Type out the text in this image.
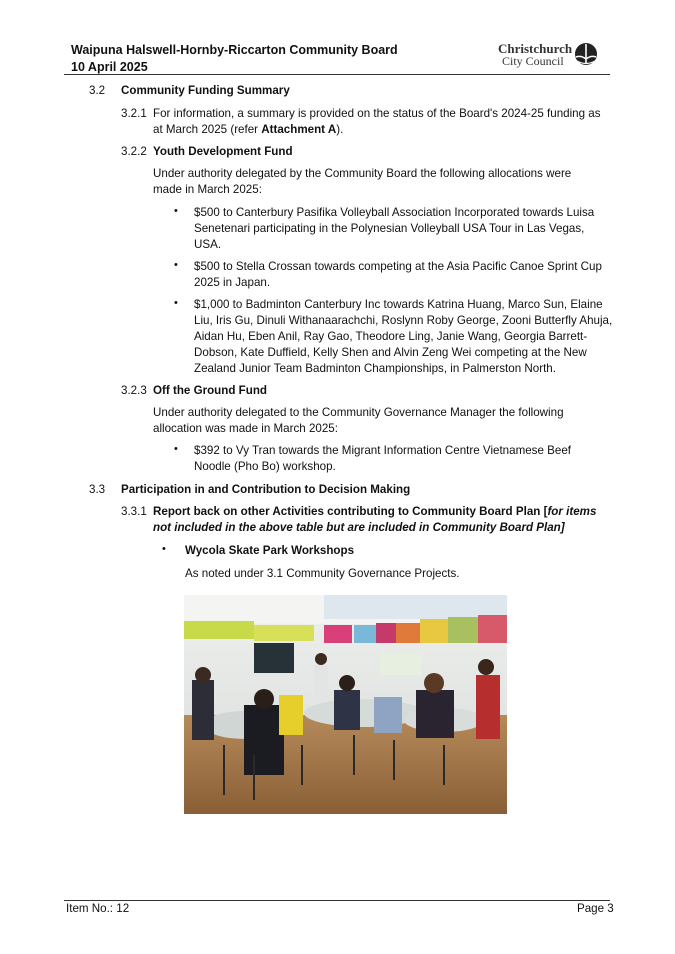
Waipuna Halswell-Hornby-Riccarton Community Board
10 April 2025
Christchurch
City Council
3.2 Community Funding Summary
3.2.1 For information, a summary is provided on the status of the Board's 2024-25 funding as
at March 2025 (refer Attachment A).
3.2.2 Youth Development Fund
Under authority delegated by the Community Board the following allocations were
made in March 2025:
• $500 to Canterbury Pasifika Volleyball Association Incorporated towards Luisa
Senetenari participating in the Polynesian Volleyball USA Tour in Las Vegas,
USA.
• $500 to Stella Crossan towards competing at the Asia Pacific Canoe Sprint Cup
2025 in Japan.
• $1,000 to Badminton Canterbury Inc towards Katrina Huang, Marco Sun, Elaine
Liu, Iris Gu, Dinuli Withanaarachchi, Roslynn Roby George, Zooni Butterfly Ahuja,
Aidan Hu, Eben Anil, Ray Gao, Theodore Ling, Janie Wang, Georgia Barrett-
Dobson, Kate Duffield, Kelly Shen and Alvin Zeng Wei competing at the New
Zealand Junior Team Badminton Championships, in Palmerston North.
3.2.3 Off the Ground Fund
Under authority delegated to the Community Governance Manager the following
allocation was made in March 2025:
• $392 to Vy Tran towards the Migrant Information Centre Vietnamese Beef
Noodle (Pho Bo) workshop.
3.3 Participation in and Contribution to Decision Making
3.3.1 Report back on other Activities contributing to Community Board Plan [for items
not included in the above table but are included in Community Board Plan]
• Wycola Skate Park Workshops
As noted under 3.1 Community Governance Projects.
Item No.: 12	Page 3
